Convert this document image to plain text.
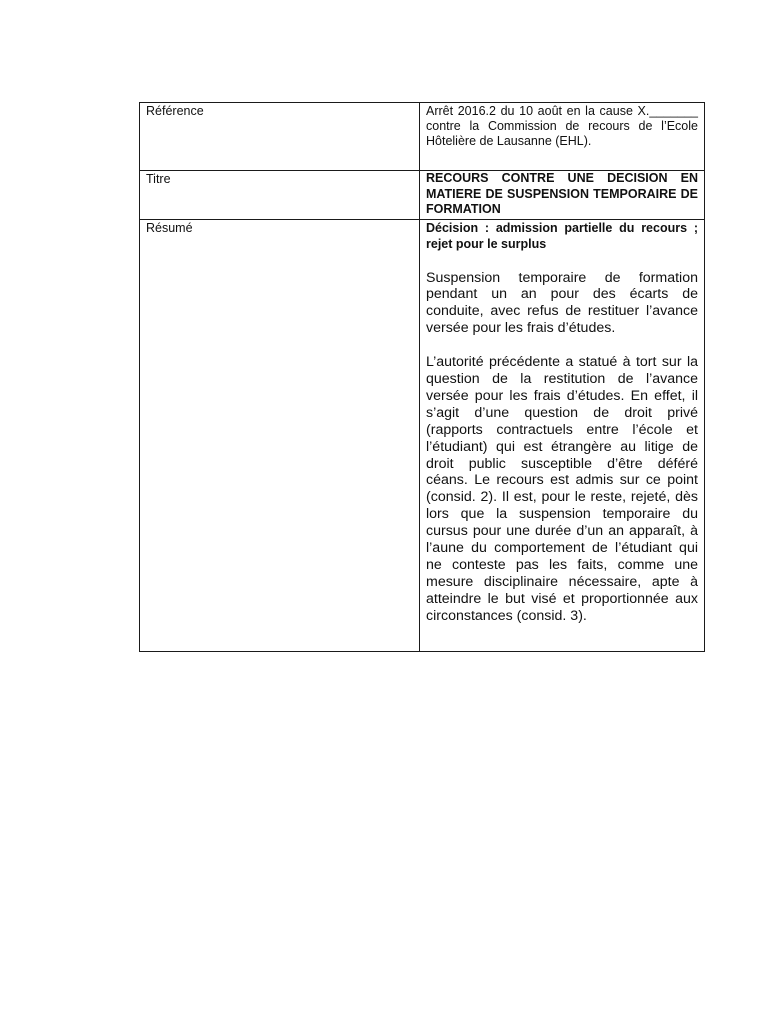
Référence	Arrêt 2016.2 du 10 août en la cause X._______ contre la Commission de recours de l’Ecole Hôtelière de Lausanne (EHL).

Titre	RECOURS CONTRE UNE DECISION EN MATIERE DE SUSPENSION TEMPORAIRE DE FORMATION

Résumé	Décision : admission partielle du recours ; rejet pour le surplus

Suspension temporaire de formation pendant un an pour des écarts de conduite, avec refus de restituer l’avance versée pour les frais d’études.

L’autorité précédente a statué à tort sur la question de la restitution de l’avance versée pour les frais d’études. En effet, il s’agit d’une question de droit privé (rapports contractuels entre l’école et l’étudiant) qui est étrangère au litige de droit public susceptible d’être déféré céans. Le recours est admis sur ce point (consid. 2). Il est, pour le reste, rejeté, dès lors que la suspension temporaire du cursus pour une durée d’un an apparaît, à l’aune du comportement de l’étudiant qui ne conteste pas les faits, comme une mesure disciplinaire nécessaire, apte à atteindre le but visé et proportionnée aux circonstances (consid. 3).
